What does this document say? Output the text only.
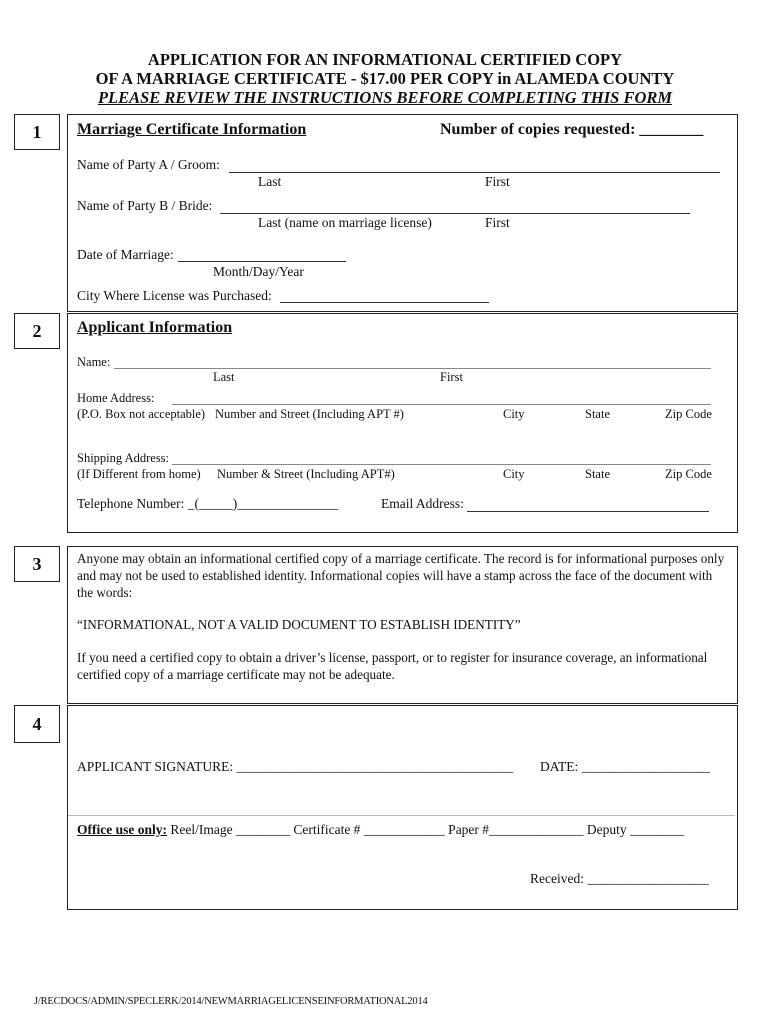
APPLICATION FOR AN INFORMATIONAL CERTIFIED COPY
OF A MARRIAGE CERTIFICATE - $17.00 PER COPY in ALAMEDA COUNTY
PLEASE REVIEW THE INSTRUCTIONS BEFORE COMPLETING THIS FORM
1	Marriage Certificate Information	Number of copies requested: ________
Name of Party A / Groom:
Last	First
Name of Party B / Bride:
Last (name on marriage license)	First
Date of Marriage:
Month/Day/Year
City Where License was Purchased:
2	Applicant Information
Name:
Last	First
Home Address:
(P.O. Box not acceptable) Number and Street (Including APT #)	City	State	Zip Code
Shipping Address:
(If Different from home) Number & Street (Including APT#)	City	State	Zip Code
Telephone Number: _(_____)_______________	Email Address:
3	Anyone may obtain an informational certified copy of a marriage certificate. The record is for informational purposes only and may not be used to established identity. Informational copies will have a stamp across the face of the document with the words:
“INFORMATIONAL, NOT A VALID DOCUMENT TO ESTABLISH IDENTITY”
If you need a certified copy to obtain a driver’s license, passport, or to register for insurance coverage, an informational certified copy of a marriage certificate may not be adequate.
4
APPLICANT SIGNATURE: _________________________________________ DATE: ___________________
Office use only: Reel/Image ________ Certificate # ____________ Paper #______________ Deputy ________
Received: __________________
J/RECDOCS/ADMIN/SPECLERK/2014/NEWMARRIAGELICENSEINFORMATIONAL2014
